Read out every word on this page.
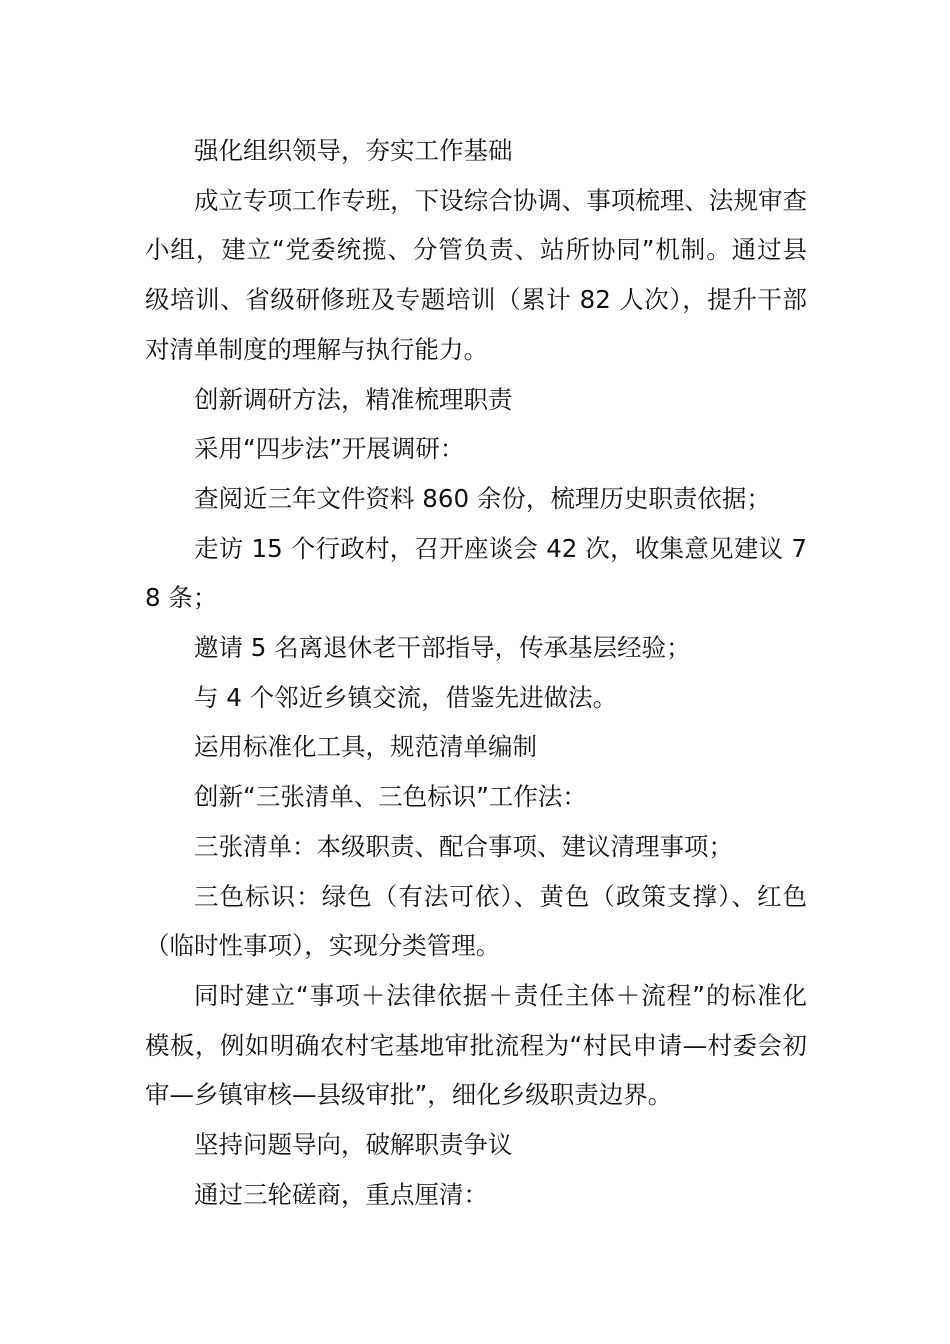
强化组织领导，夯实工作基础

成立专项工作专班，下设综合协调、事项梳理、法规审查小组，建立“党委统揽、分管负责、站所协同”机制。通过县级培训、省级研修班及专题培训（累计 82 人次），提升干部对清单制度的理解与执行能力。

创新调研方法，精准梳理职责

采用“四步法”开展调研：

查阅近三年文件资料 860 余份，梳理历史职责依据；

走访 15 个行政村，召开座谈会 42 次，收集意见建议 78 条；

邀请 5 名离退休老干部指导，传承基层经验；

与 4 个邻近乡镇交流，借鉴先进做法。

运用标准化工具，规范清单编制

创新“三张清单、三色标识”工作法：

三张清单：本级职责、配合事项、建议清理事项；

三色标识：绿色（有法可依）、黄色（政策支撑）、红色（临时性事项），实现分类管理。

同时建立“事项＋法律依据＋责任主体＋流程”的标准化模板，例如明确农村宅基地审批流程为“村民申请—村委会初审—乡镇审核—县级审批”，细化乡级职责边界。

坚持问题导向，破解职责争议

通过三轮磋商，重点厘清：
